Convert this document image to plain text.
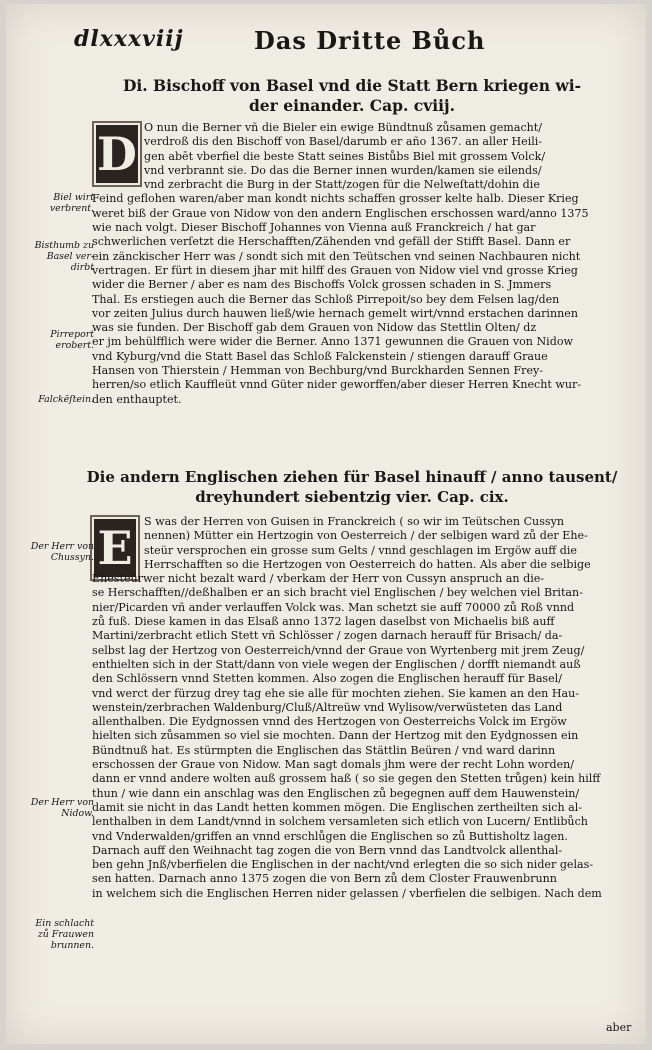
dlxxxviij	Das Dritte Bůch
Di. Bischoff von Basel vnd die Statt Bern kriegen wi-
der einander. Cap. cviij.
D O nun die Berner vñ die Bieler ein ewige Bündtnuß zůsamen gemacht/
verdroß dis den Bischoff von Basel/darumb er año 1367. an aller Heili-
gen abēt vberfiel die beste Statt seines Bistůbs Biel mit grossem Volck/
vnd verbrannt sie. Do das die Berner innen wurden/kamen sie eilends/
vnd zerbracht die Burg in der Statt/zogen für die Nelweſtatt/dohin die
Feind geflohen waren/aber man kondt nichts schaffen grosser kelte halb. Dieser Krieg
weret biß der Graue von Nidow von den andern Englischen erschossen ward/anno 1375
wie nach volgt. Dieser Bischoff Johannes von Vienna auß Franckreich / hat gar
schwerlichen verſetzt die Herschafften/Zähenden vnd gefäll der Stifft Basel. Dann er
ein zänckischer Herr was / sondt sich mit den Teütschen vnd seinen Nachbauren nicht
vertragen. Er fürt in diesem jhar mit hilff des Grauen von Nidow viel vnd grosse Krieg
wider die Berner / aber es nam des Bischoffs Volck grossen schaden in S. Jmmers
Thal. Es erstiegen auch die Berner das Schloß Pirrepoit/so bey dem Felsen lag/den
vor zeiten Julius durch hauwen ließ/wie hernach gemelt wirt/vnnd erstachen darinnen
was sie funden. Der Bischoff gab dem Grauen von Nidow das Stettlin Olten/ dz
er jm behülfflich were wider die Berner. Anno 1371 gewunnen die Grauen von Nidow
vnd Kyburg/vnd die Statt Basel das Schloß Falckenstein / stiengen darauff Graue
Hansen von Thierstein / Hemman von Bechburg/vnd Burckharden Sennen Frey-
herren/so etlich Kauffleüt vnnd Güter nider geworffen/aber dieser Herren Knecht wur-
den enthauptet.
Biel wirt verbrent.
Bisthumb zu Basel ver- dirbt
Pirreport erobert.
Falckēſtein.
Die andern Englischen ziehen für Basel hinauff / anno tausent/
dreyhundert siebentzig vier. Cap. cix.
E	S was der Herren von Guisen in Franckreich ( so wir im Teütschen Cussyn
nennen) Mütter ein Hertzogin von Oesterreich / der selbigen ward zů der Ehe-
steür versprochen ein grosse sum Gelts / vnnd geschlagen im Ergöw auff die
Herrschafften so die Hertzogen von Oesterreich do hatten. Als aber die selbige
Ehesteürwer nicht bezalt ward / vberkam der Herr von Cussyn anspruch an die-
se Herschafften//deßhalben er an sich bracht viel Englischen / bey welchen viel Britan-
nier/Picarden vñ ander verlauffen Volck was. Man schetzt sie auff 70000 zů Roß vnnd
zů fuß. Diese kamen in das Elsaß anno 1372 lagen daselbst von Michaelis biß auff
Martini/zerbracht etlich Stett vñ Schlösser / zogen darnach herauff für Brisach/ da-
selbst lag der Hertzog von Oesterreich/vnnd der Graue von Wyrtenberg mit jrem Zeug/
enthielten sich in der Statt/dann von viele wegen der Englischen / dorfft niemandt auß
den Schlössern vnnd Stetten kommen. Also zogen die Englischen herauff für Basel/
vnd werct der fürzug drey tag ehe sie alle für mochten ziehen. Sie kamen an den Hau-
wenstein/zerbrachen Waldenburg/Cluß/Altreüw vnd Wylisow/verwüsteten das Land
allenthalben. Die Eydgnossen vnnd des Hertzogen von Oesterreichs Volck im Ergöw
hielten sich zůsammen so viel sie mochten. Dann der Hertzog mit den Eydgnossen ein
Bündtnuß hat. Es stürmpten die Englischen das Stättlin Beüren / vnd ward darinn
erschossen der Graue von Nidow. Man sagt domals jhm were der recht Lohn worden/
dann er vnnd andere wolten auß grossem haß ( so sie gegen den Stetten trůgen) kein hilff
thun / wie dann ein anschlag was den Englischen zů begegnen auff dem Hauwenstein/
damit sie nicht in das Landt hetten kommen mögen. Die Englischen zertheilten sich al-
lenthalben in dem Landt/vnnd in solchem versamleten sich etlich von Lucern/ Entlibůch
vnd Vnderwalden/griffen an vnnd erschlůgen die Englischen so zů Buttisholtz lagen.
Darnach auff den Weihnacht tag zogen die von Bern vnnd das Landtvolck allenthal-
ben gehn Jnß/vberfielen die Englischen in der nacht/vnd erlegten die so sich nider gelas-
sen hatten. Darnach anno 1375 zogen die von Bern zů dem Closter Frauwenbrunn
in welchem sich die Englischen Herren nider gelassen / vberfielen die selbigen. Nach dem
Der Herr von Chussyn.
Der Herr von Nidow.
Ein schlacht zů Frauwen brunnen.
aber
